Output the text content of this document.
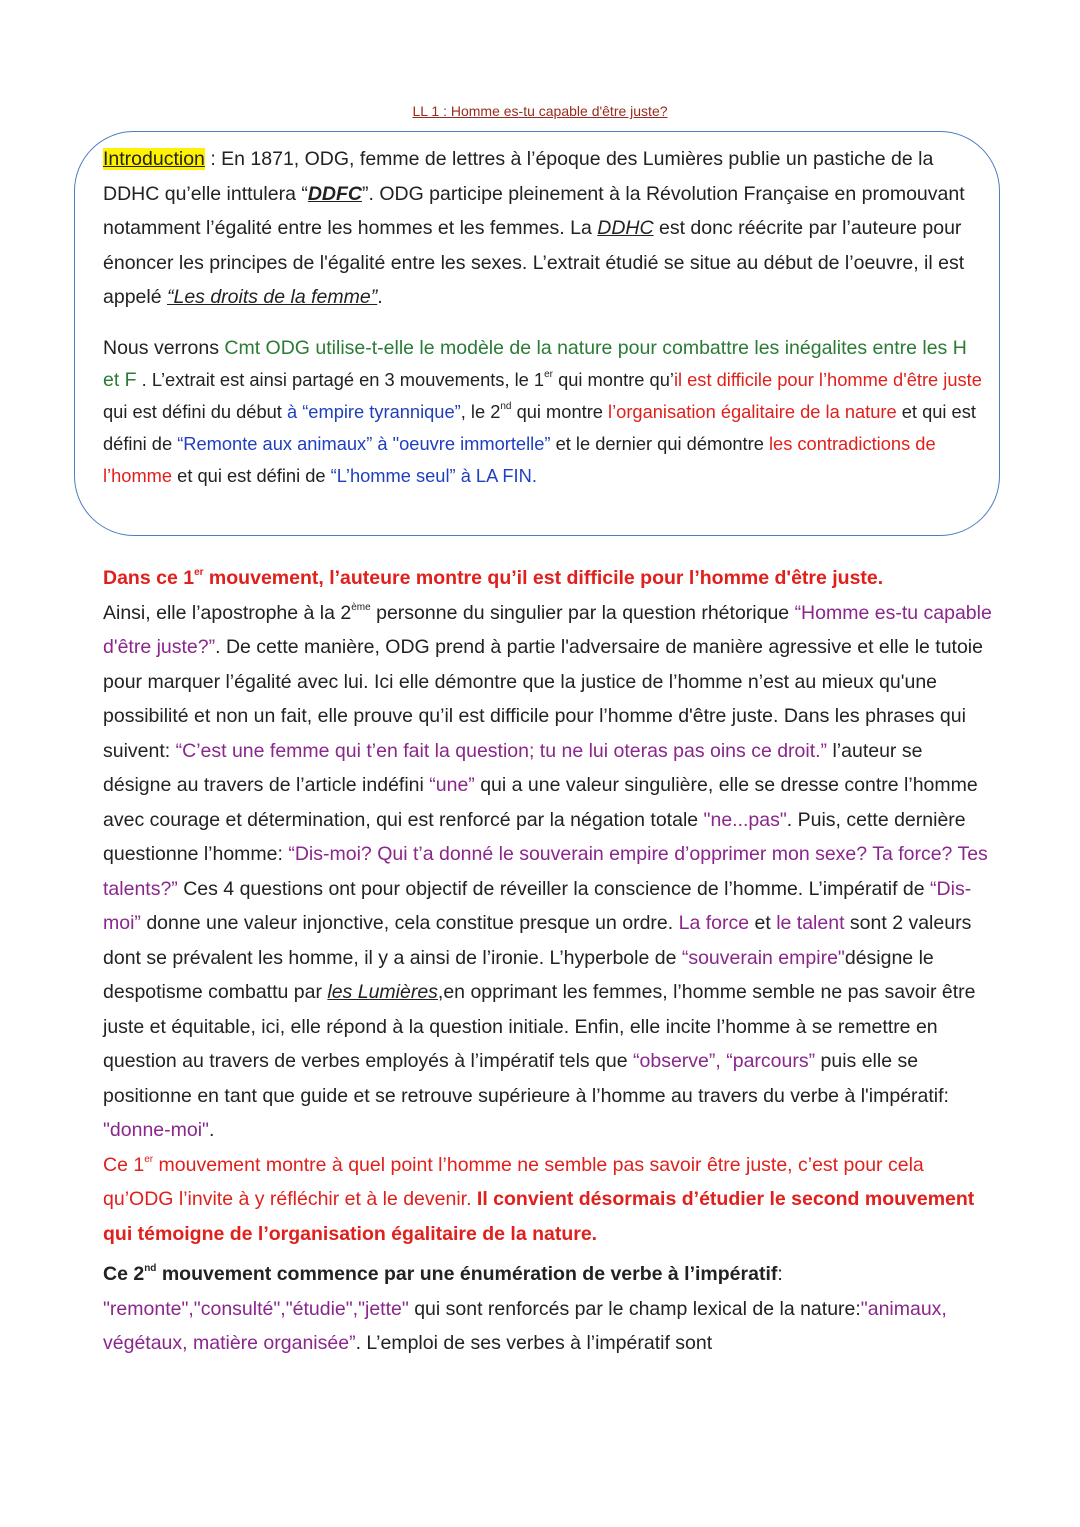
LL 1 : Homme es-tu capable d'être juste?

Introduction : En 1871, ODG, femme de lettres à l’époque des Lumières publie un pastiche de la DDHC qu’elle inttulera “DDFC”. ODG participe pleinement à la Révolution Française en promouvant notamment l’égalité entre les hommes et les femmes. La DDHC est donc réécrite par l’auteure pour énoncer les principes de l'égalité entre les sexes. L’extrait étudié se situe au début de l’oeuvre, il est appelé “Les droits de la femme”.

Nous verrons Cmt ODG utilise-t-elle le modèle de la nature pour combattre les inégalites entre les H et F . L’extrait est ainsi partagé en 3 mouvements, le 1er qui montre qu’il est difficile pour l’homme d'être juste qui est défini du début à “empire tyrannique”, le 2nd qui montre l’organisation égalitaire de la nature et qui est défini de “Remonte aux animaux” à "oeuvre immortelle” et le dernier qui démontre les contradictions de l’homme et qui est défini de “L’homme seul” à LA FIN.

Dans ce 1er mouvement, l’auteure montre qu’il est difficile pour l’homme d'être juste.

Ainsi, elle l’apostrophe à la 2ème personne du singulier par la question rhétorique “Homme es-tu capable d'être juste?”. De cette manière, ODG prend à partie l'adversaire de manière agressive et elle le tutoie pour marquer l’égalité avec lui. Ici elle démontre que la justice de l’homme n’est au mieux qu'une possibilité et non un fait, elle prouve qu’il est difficile pour l’homme d'être juste. Dans les phrases qui suivent: “C’est une femme qui t’en fait la question; tu ne lui oteras pas oins ce droit.” l’auteur se désigne au travers de l’article indéfini “une” qui a une valeur singulière, elle se dresse contre l’homme avec courage et détermination, qui est renforcé par la négation totale "ne...pas". Puis, cette dernière questionne l’homme: “Dis-moi? Qui t’a donné le souverain empire d’opprimer mon sexe? Ta force? Tes talents?” Ces 4 questions ont pour objectif de réveiller la conscience de l’homme. L’impératif de “Dis-moi” donne une valeur injonctive, cela constitue presque un ordre. La force et le talent sont 2 valeurs dont se prévalent les homme, il y a ainsi de l’ironie. L’hyperbole de “souverain empire"désigne le despotisme combattu par les Lumières,en opprimant les femmes, l’homme semble ne pas savoir être juste et équitable, ici, elle répond à la question initiale. Enfin, elle incite l’homme à se remettre en question au travers de verbes employés à l’impératif tels que “observe”, “parcours” puis elle se positionne en tant que guide et se retrouve supérieure à l’homme au travers du verbe à l'impératif: "donne-moi".

Ce 1er mouvement montre à quel point l’homme ne semble pas savoir être juste, c’est pour cela qu’ODG l’invite à y réfléchir et à le devenir. Il convient désormais d’étudier le second mouvement qui témoigne de l’organisation égalitaire de la nature.

Ce 2nd mouvement commence par une énumération de verbe à l’impératif:

"remonte","consulté","étudie","jette" qui sont renforcés par le champ lexical de la nature:"animaux, végétaux, matière organisée”. L’emploi de ses verbes à l’impératif sont
